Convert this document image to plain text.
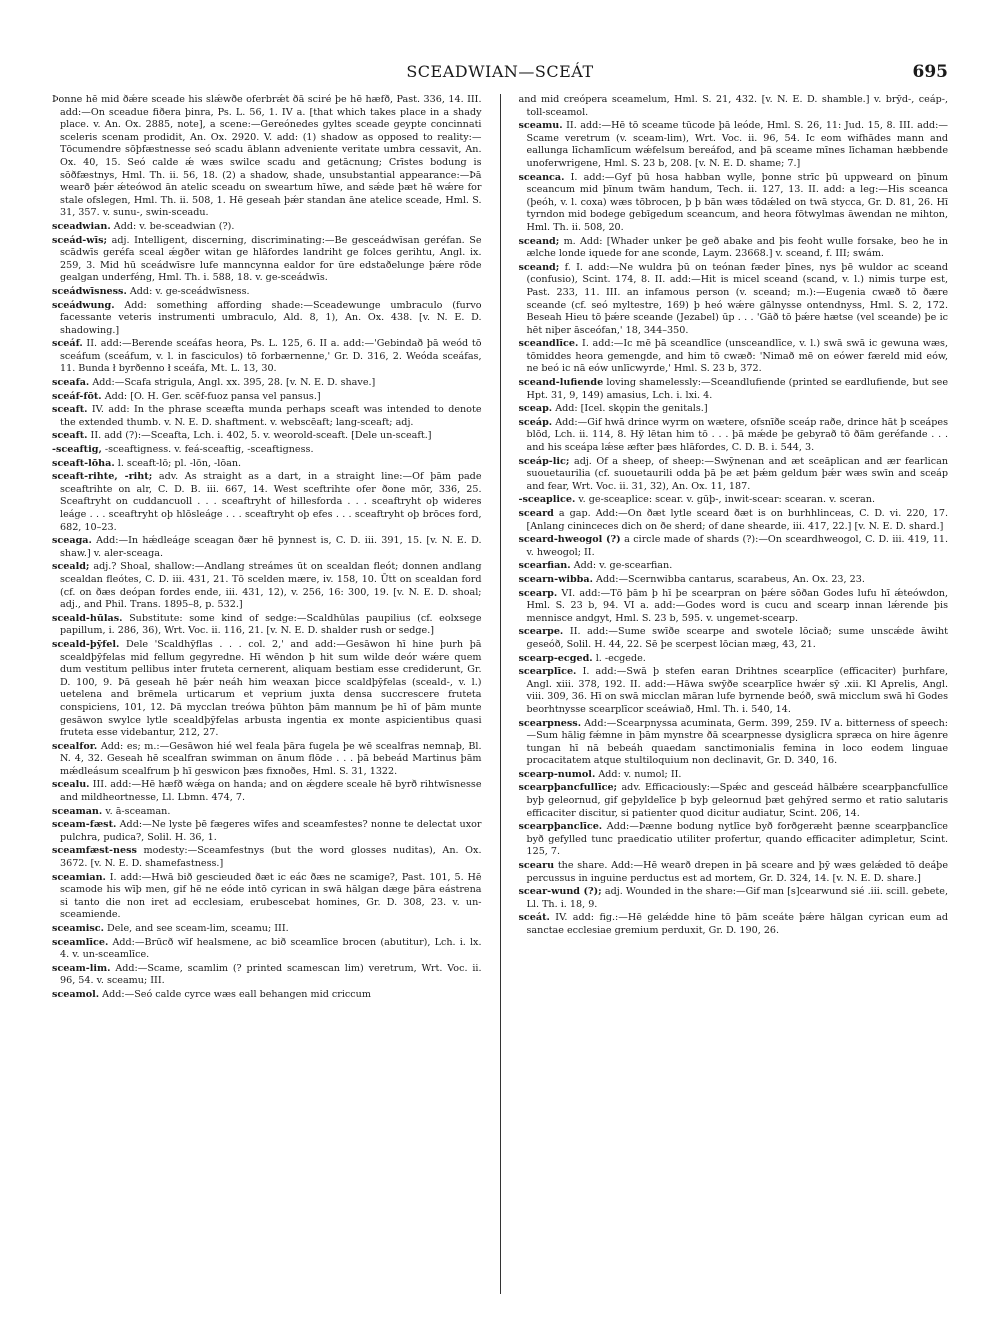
SCEADWIAN—SCEÁT	695

Þonne hē mid ðǽre sceade his slǽwðe oferbrǽt ðā sciré þe hē hæfð, Past. 336, 14. III. add:—On sceadue fiðera þinra, Ps. L. 56, 1. IV a. [that which takes place in a shady place. v. An. Ox. 2885, note], a scene:—Gereónedes gyltes sceade geypte concinnati sceleris scenam prodidit, An. Ox. 2920. V. add: (1) shadow as opposed to reality:—Tōcumendre sōþfæstnesse seó scadu āblann adveniente veritate umbra cessavit, An. Ox. 40, 15. Seó calde ǽ wæs swilce scadu and getācnung; Crīstes bodung is sōðfæstnys, Hml. Th. ii. 56, 18. (2) a shadow, shade, unsubstantial appearance:—Þā wearð þǽr ǽteówod ān atelic sceadu on sweartum hīwe, and sǽde þæt hē wǽre for stale ofslegen, Hml. Th. ii. 508, 1. Hē geseah þǽr standan āne atelice sceade, Hml. S. 31, 357. v. sunu-, swin-sceadu.

sceadwian. Add: v. be-sceadwian (?).

sceád-wīs; adj. Intelligent, discerning, discriminating:—Be gesceádwīsan geréfan. Se scādwīs geréfa sceal ǽgðer witan ge hlāfordes landriht ge folces gerihtu, Angl. ix. 259, 3. Mid hū sceádwīsre lufe manncynna ealdor for ūre edstaðelunge þǽre rōde gealgan underféng, Hml. Th. i. 588, 18. v. ge-sceádwīs.

sceádwīsness. Add: v. ge-sceádwīsness.

sceádwung. Add: something affording shade:—Sceadewunge umbraculo (furvo facessante veteris instrumenti umbraculo, Ald. 8, 1), An. Ox. 438. [v. N. E. D. shadowing.]

sceáf. II. add:—Berende sceáfas heora, Ps. L. 125, 6. II a. add:—'Gebindað þā weód tō sceáfum (sceáfum, v. l. in fasciculos) tō forbærnenne,' Gr. D. 316, 2. Weóda sceáfas, 11. Bunda ł byrðenno ł sceáfa, Mt. L. 13, 30.

sceafa. Add:—Scafa strigula, Angl. xx. 395, 28. [v. N. E. D. shave.]

sceáf-fōt. Add: [O. H. Ger. scēf-fuoz pansa vel pansus.]

sceaft. IV. add: In the phrase sceæfta munda perhaps sceaft was intended to denote the extended thumb. v. N. E. D. shaftment. v. webscēaft; lang-sceaft; adj.

sceaft. II. add (?):—Sceafta, Lch. i. 402, 5. v. weorold-sceaft. [Dele un-sceaft.]

-sceaftig, -sceaftigness. v. feá-sceaftig, -sceaftigness.

sceaft-lōha. l. sceaft-lō; pl. -lōn, -lōan.

sceaft-rihte, -riht; adv. As straight as a dart, in a straight line:—Of þām pade sceaftrihte on alr, C. D. B. iii. 667, 14. West sceftrihte ofer ðone mōr, 336, 25. Sceaftryht on cuddancuoll . . . sceaftryht of hillesforda . . . sceaftryht oþ wideres leáge . . . sceaftryht oþ hlōsleáge . . . sceaftryht oþ efes . . . sceaftryht oþ brōces ford, 682, 10–23.

sceaga. Add:—In hǽdleáge sceagan ðær hē þynnest is, C. D. iii. 391, 15. [v. N. E. D. shaw.] v. aler-sceaga.

sceald; adj.? Shoal, shallow:—Andlang streámes ūt on scealdan fleót; donnen andlang scealdan fleótes, C. D. iii. 431, 21. Tō scelden mære, iv. 158, 10. Ūtt on scealdan ford (cf. on ðæs deópan fordes ende, iii. 431, 12), v. 256, 16: 300, 19. [v. N. E. D. shoal; adj., and Phil. Trans. 1895–8, p. 532.]

sceald-hūlas. Substitute: some kind of sedge:—Scaldhūlas paupilius (cf. eolxsege papillum, i. 286, 36), Wrt. Voc. ii. 116, 21. [v. N. E. D. shalder rush or sedge.]

sceald-þȳfel. Dele 'Scaldhȳflas . . . col. 2,' and add:—Gesāwon hī hine þurh þā scealdþȳfelas mid fellum gegyredne. Hī wēndon þ hit sum wilde deór wǽre quem dum vestitum pellibus inter fruteta cernerent, aliquam bestiam esse crediderunt, Gr. D. 100, 9. Þā geseah hē þǽr neáh him weaxan þicce scaldþȳfelas (sceald-, v. l.) uetelena and brēmela urticarum et veprium juxta densa succrescere fruteta conspiciens, 101, 12. Þā mycclan treówa þūhton þām mannum þe hī of þām munte gesāwon swylce lytle scealdþȳfelas arbusta ingentia ex monte aspicientibus quasi fruteta esse videbantur, 212, 27.

scealfor. Add: es; m.:—Gesāwon hié wel feala þāra fugela þe wē scealfras nemnaþ, Bl. N. 4, 32. Geseah hē scealfran swimman on ānum flōde . . . þā bebeád Martinus þām mǽdleásum scealfrum þ hī geswicon þæs fixnoðes, Hml. S. 31, 1322.

scealu. III. add:—Hē hæfð wǽga on handa; and on ǽgdere sceale hē byrð rihtwīsnesse and mildheortnesse, Ll. Lbmn. 474, 7.

sceaman. v. ā-sceaman.

sceam-fæst. Add:—Ne lyste þē fægeres wīfes and sceamfestes? nonne te delectat uxor pulchra, pudica?, Solil. H. 36, 1.

sceamfæst-ness modesty:—Sceamfestnys (but the word glosses nuditas), An. Ox. 3672. [v. N. E. D. shamefastness.]

sceamian. I. add:—Hwā bið gescieuded ðæt ic eác ðæs ne scamige?, Past. 101, 5. Hē scamode his wīþ men, gif hē ne eóde intō cyrican in swā hālgan dæge þāra eástrena si tanto die non iret ad ecclesiam, erubescebat homines, Gr. D. 308, 23. v. un-sceamiende.

sceamisc. Dele, and see sceam-lim, sceamu; III.

sceamlīce. Add:—Brūcð wīf healsmene, ac bið sceamlīce brocen (abutitur), Lch. i. lx. 4. v. un-sceamlīce.

sceam-lim. Add:—Scame, scamlim (? printed scamescan lim) veretrum, Wrt. Voc. ii. 96, 54. v. sceamu; III.

sceamol. Add:—Seó calde cyrce wæs eall behangen mid criccum

and mid creópera sceamelum, Hml. S. 21, 432. [v. N. E. D. shamble.] v. brȳd-, ceáp-, toll-sceamol.

sceamu. II. add:—Hē tō sceame tūcode þā leóde, Hml. S. 26, 11: Jud. 15, 8. III. add:—Scame veretrum (v. sceam-lim), Wrt. Voc. ii. 96, 54. Ic eom wifhādes mann and eallunga līchamlīcum wǽfelsum bereáfod, and þā sceame mīnes līchaman hæbbende unoferwrigene, Hml. S. 23 b, 208. [v. N. E. D. shame; 7.]

sceanca. I. add:—Gyf þū hosa habban wylle, þonne strīc þū uppweard on þīnum sceancum mid þīnum twām handum, Tech. ii. 127, 13. II. add: a leg:—His sceanca (þeóh, v. l. coxa) wæs tōbrocen, þ þ bān wæs tōdǽled on twā stycca, Gr. D. 81, 26. Hī tyrndon mid bodege gebīgedum sceancum, and heora fōtwylmas āwendan ne mihton, Hml. Th. ii. 508, 20.

sceand; m. Add: [Whader unker þe geð abake and þis feoht wulle forsake, beo he in ælche londe iquede for ane sconde, Laym. 23668.] v. sceand, f. III; swám.

sceand; f. I. add:—Ne wuldra þū on teónan fæder þīnes, nys þē wuldor ac sceand (confusio), Scint. 174, 8. II. add:—Hit is micel sceand (scand, v. l.) nimis turpe est, Past. 233, 11. III. an infamous person (v. sceand; m.):—Eugenia cwæð tō ðære sceande (cf. seó myltestre, 169) þ heó wǽre gālnysse ontendnyss, Hml. S. 2, 172. Beseah Hieu tō þǽre sceande (Jezabel) ūp . . . 'Gāð tō þǽre hætse (vel sceande) þe ic hēt niþer āsceófan,' 18, 344–350.

sceandlīce. I. add:—Ic mē þā sceandlīce (unsceandlīce, v. l.) swā swā ic gewuna wæs, tōmiddes heora gemengde, and him tō cwæð: 'Nimað mē on eówer færeld mid eów, ne beó ic nā eów unlīcwyrde,' Hml. S. 23 b, 372.

sceand-lufiende loving shamelessly:—Sceandlufiende (printed se eardlufiende, but see Hpt. 31, 9, 149) amasius, Lch. i. lxi. 4.

sceap. Add: [Icel. skǫpin the genitals.]

sceáp. Add:—Gif hwā drince wyrm on wætere, ofsnīðe sceáp raðe, drince hāt þ sceápes blōd, Lch. ii. 114, 8. Hȳ lētan him tō . . . þā mǽde þe gebyrað tō ðām geréfande . . . and his sceápa lǽse æfter þæs hlāfordes, C. D. B. i. 544, 3.

sceáp-lic; adj. Of a sheep, of sheep:—Swȳnenan and æt sceāplican and ær fearlican suouetaurilia (cf. suouetaurili odda þā þe æt þǽm geldum þǽr wæs swīn and sceáp and fear, Wrt. Voc. ii. 31, 32), An. Ox. 11, 187.

-sceaplice. v. ge-sceaplice: scear. v. gūþ-, inwit-scear: scearan. v. sceran.

sceard a gap. Add:—On ðæt lytle sceard ðæt is on burhhlinceas, C. D. vi. 220, 17. [Anlang cininceces dich on ðe sherd; of dane shearde, iii. 417, 22.] [v. N. E. D. shard.]

sceard-hweogol (?) a circle made of shards (?):—On sceardhweogol, C. D. iii. 419, 11. v. hweogol; II.

scearfian. Add: v. ge-scearfian.

scearn-wibba. Add:—Scernwibba cantarus, scarabeus, An. Ox. 23, 23.

scearp. VI. add:—Tō þām þ hī þe scearpran on þǽre sōðan Godes lufu hī ǽteówdon, Hml. S. 23 b, 94. VI a. add:—Godes word is cucu and scearp innan lǽrende þis mennisce andgyt, Hml. S. 23 b, 595. v. ungemet-scearp.

scearpe. II. add:—Sume swīðe scearpe and swotele lōciað; sume unscǽde āwiht geseóð, Solil. H. 44, 22. Sē þe scerpest lōcian mæg, 43, 21.

scearp-ecged. l. -ecgede.

scearplīce. I. add:—Swā þ stefen earan Drihtnes scearplīce (efficaciter) þurhfare, Angl. xiii. 378, 192. II. add:—Hāwa swȳðe scearplīce hwǽr sȳ .xii. Kl Aprelis, Angl. viii. 309, 36. Hī on swā micclan māran lufe byrnende beóð, swā micclum swā hī Godes beorhtnysse scearplīcor sceáwiað, Hml. Th. i. 540, 14.

scearpness. Add:—Scearpnyssa acuminata, Germ. 399, 259. IV a. bitterness of speech:—Sum hālig fǽmne in þām mynstre ðā scearpnesse dysiglicra spræca on hire āgenre tungan hī nā bebeáh quaedam sanctimonialis femina in loco eodem linguae procacitatem atque stultiloquium non declinavit, Gr. D. 340, 16.

scearp-numol. Add: v. numol; II.

scearpþancfullīce; adv. Efficaciously:—Spǽc and gesceád hālbǽre scearpþancfullīce byþ geleornud, gif geþyldelīce þ byþ geleornud þæt gehȳred sermo et ratio salutaris efficaciter discitur, si patienter quod dicitur audiatur, Scint. 206, 14.

scearpþanclīce. Add:—Þænne bodung nytlīce byð forðgeræht þænne scearpþanclīce byð gefylled tunc praedicatio utiliter profertur, quando efficaciter adimpletur, Scint. 125, 7.

scearu the share. Add:—Hē wearð drepen in þā sceare and þȳ wæs gelǽded tō deáþe percussus in inguine perductus est ad mortem, Gr. D. 324, 14. [v. N. E. D. share.]

scear-wund (?); adj. Wounded in the share:—Gif man [s]cearwund sié .iii. scill. gebete, Ll. Th. i. 18, 9.

sceát. IV. add: fig.:—Hē gelǽdde hine tō þām sceáte þǽre hālgan cyrican eum ad sanctae ecclesiae gremium perduxit, Gr. D. 190, 26.
